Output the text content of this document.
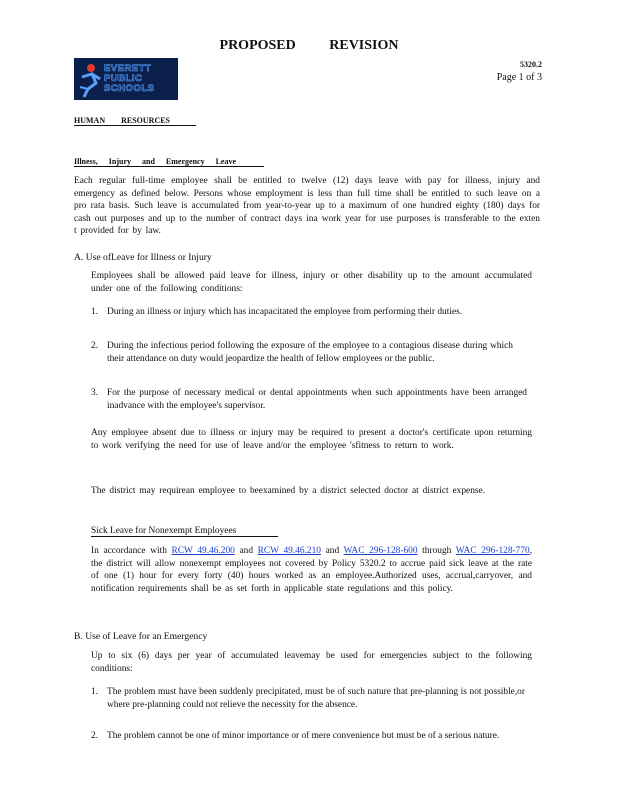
PROPOSED REVISION
EVERETT
PUBLIC
SCHOOLS
5320.2
Page 1 of 3
HUMAN RESOURCES
Illness, Injury and Emergency Leave
Each regular full-time employee shall be entitled to twelve (12) days leave with pay for illness, injury and emergency as defined below. Persons whose employment is less than full time shall be entitled to such leave on a pro rata basis. Such leave is accumulated from year-to-year up to a maximum of one hundred eighty (180) days for cash out purposes and up to the number of contract days ina work year for use purposes is transferable to the exten t provided for by law.
A. Use ofLeave for Illness or Injury
Employees shall be allowed paid leave for illness, injury or other disability up to the amount accumulated under one of the following conditions:
1. During an illness or injury which has incapacitated the employee from performing their duties.
2. During the infectious period following the exposure of the employee to a contagious disease during which their attendance on duty would jeopardize the health of fellow employees or the public.
3. For the purpose of necessary medical or dental appointments when such appointments have been arranged inadvance with the employee's supervisor.
Any employee absent due to illness or injury may be required to present a doctor's certificate upon returning to work verifying the need for use of leave and/or the employee 'sfitness to return to work.
The district may requirean employee to beexamined by a district selected doctor at district expense.
Sick Leave for Nonexempt Employees
In accordance with RCW 49.46.200 and RCW 49.46.210 and WAC 296-128-600 through WAC 296-128-770, the district will allow nonexempt employees not covered by Policy 5320.2 to accrue paid sick leave at the rate of one (1) hour for every forty (40) hours worked as an employee.Authorized uses, accrual,carryover, and notification requirements shall be as set forth in applicable state regulations and this policy.
B. Use of Leave for an Emergency
Up to six (6) days per year of accumulated leavemay be used for emergencies subject to the following conditions:
1. The problem must have been suddenly precipitated, must be of such nature that pre-planning is not possible,or where pre-planning could not relieve the necessity for the absence.
2. The problem cannot be one of minor importance or of mere convenience but must be of a serious nature.
